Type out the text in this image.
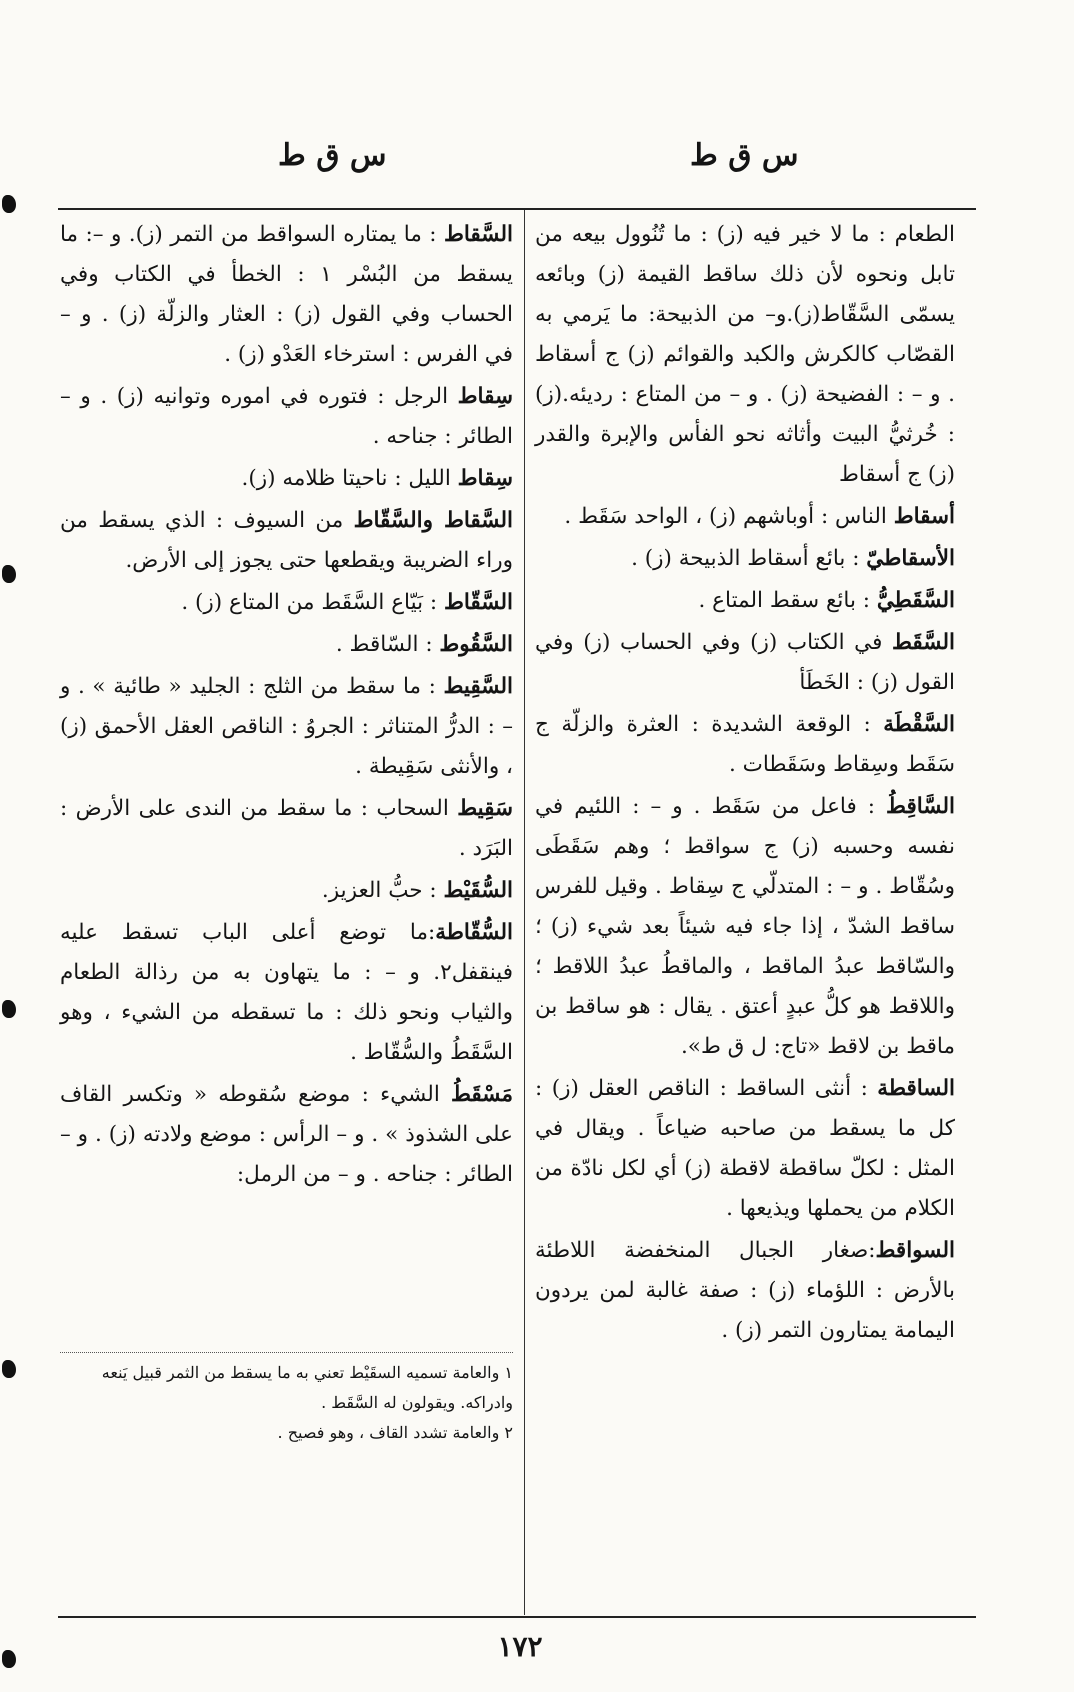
س ق ط
س ق ط
الطعام : ما لا خير فيه (ز) : ما تُنُوول بيعه من تابل ونحوه لأن ذلك ساقط القيمة (ز) وبائعه يسمّى السَّقّاط(ز).و– من الذبيحة: ما يَرمي به القصّاب كالكرش والكبد والقوائم (ز) ج أسقاط . و – : الفضيحة (ز) . و – من المتاع : رديئه.(ز) : خُرثيُّ البيت وأثاثه نحو الفأس والإبرة والقدر (ز) ج أسقاط
أسقاط الناس : أوباشهم (ز) ، الواحد سَقَط .
الأسقاطيّ : بائع أسقاط الذبيحة (ز) .
السَّقَطِيُّ : بائع سقط المتاع .
السَّقَط في الكتاب (ز) وفي الحساب (ز) وفي القول (ز) : الخَطَأ
السَّقْطَة : الوقعة الشديدة : العثرة والزلّة ج سَقَط وسِقاط وسَقَطات .
السَّاقِطُ : فاعل من سَقَط . و – : اللئيم في نفسه وحسبه (ز) ج سواقط ؛ وهم سَقَطَى وسُقّاط . و – : المتدلّي ج سِقاط . وقيل للفرس ساقط الشدّ ، إذا جاء فيه شيئاً بعد شيء (ز) ؛ والسّاقط عبدُ الماقط ، والماقطُ عبدُ اللاقط ؛ واللاقط هو كلُّ عبدٍ أعتق . يقال : هو ساقط بن ماقط بن لاقط «تاج: ل ق ط».
الساقطة : أنثى الساقط : الناقص العقل (ز) : كل ما يسقط من صاحبه ضياعاً . ويقال في المثل : لكلّ ساقطة لاقطة (ز) أي لكل نادّة من الكلام من يحملها ويذيعها .
السواقط:صغار الجبال المنخفضة اللاطئة بالأرض : اللؤماء (ز) : صفة غالبة لمن يردون اليمامة يمتارون التمر (ز) .
السَّقاط : ما يمتاره السواقط من التمر (ز). و –: ما يسقط من البُسْر ١ : الخطأ في الكتاب وفي الحساب وفي القول (ز) : العثار والزلّة (ز) . و – في الفرس : استرخاء العَدْو (ز) .
سِقاط الرجل : فتوره في اموره وتوانيه (ز) . و – الطائر : جناحه .
سِقاط الليل : ناحيتا ظلامه (ز).
السَّقاط والسَّقّاط من السيوف : الذي يسقط من وراء الضريبة ويقطعها حتى يجوز إلى الأرض.
السَّقّاط : بَيّاع السَّقَط من المتاع (ز) .
السَّقُوط : السّاقط .
السَّقِيط : ما سقط من الثلج : الجليد « طائية » . و – : الدرُّ المتناثر : الجروُ : الناقص العقل الأحمق (ز) ، والأنثى سَقِيطة .
سَقِيط السحاب : ما سقط من الندى على الأرض : البَرَد .
السُّقَيْط : حبُّ العزيز.
السُّقّاطة:ما توضع أعلى الباب تسقط عليه فينقفل٢. و – : ما يتهاون به من رذالة الطعام والثياب ونحو ذلك : ما تسقطه من الشيء ، وهو السَّقَطُ والسُّقّاط .
مَسْقَطُ الشيء : موضع سُقوطه « وتكسر القاف على الشذوذ » . و – الرأس : موضع ولادته (ز) . و – الطائر : جناحه . و – من الرمل:
١ والعامة تسميه السقَيْط تعني به ما يسقط من الثمر قبيل يَنعه وادراكه. ويقولون له السَّقَط .
٢ والعامة تشدد القاف ، وهو فصيح .
١٧٢
